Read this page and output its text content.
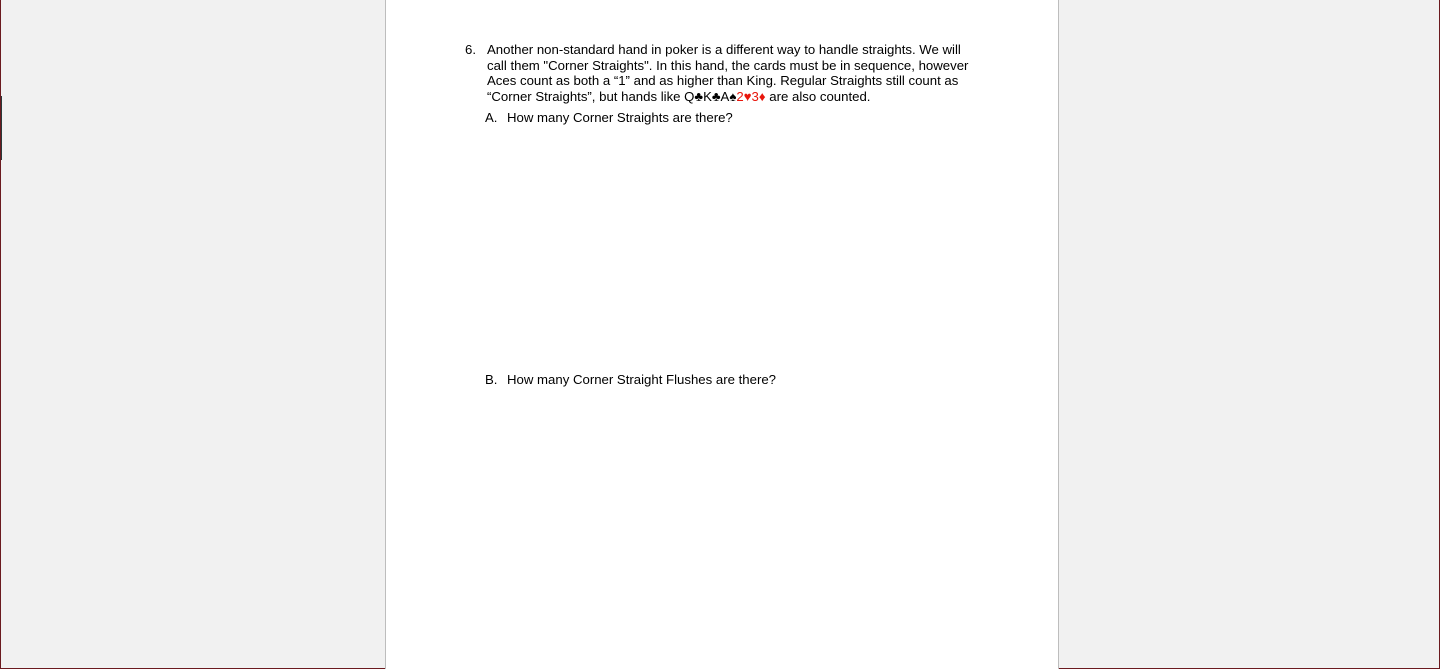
6. Another non-standard hand in poker is a different way to handle straights. We will call them "Corner Straights". In this hand, the cards must be in sequence, however Aces count as both a “1” and as higher than King. Regular Straights still count as “Corner Straights”, but hands like Q♣K♣A♠2♥3♦ are also counted.
A. How many Corner Straights are there?
B. How many Corner Straight Flushes are there?
